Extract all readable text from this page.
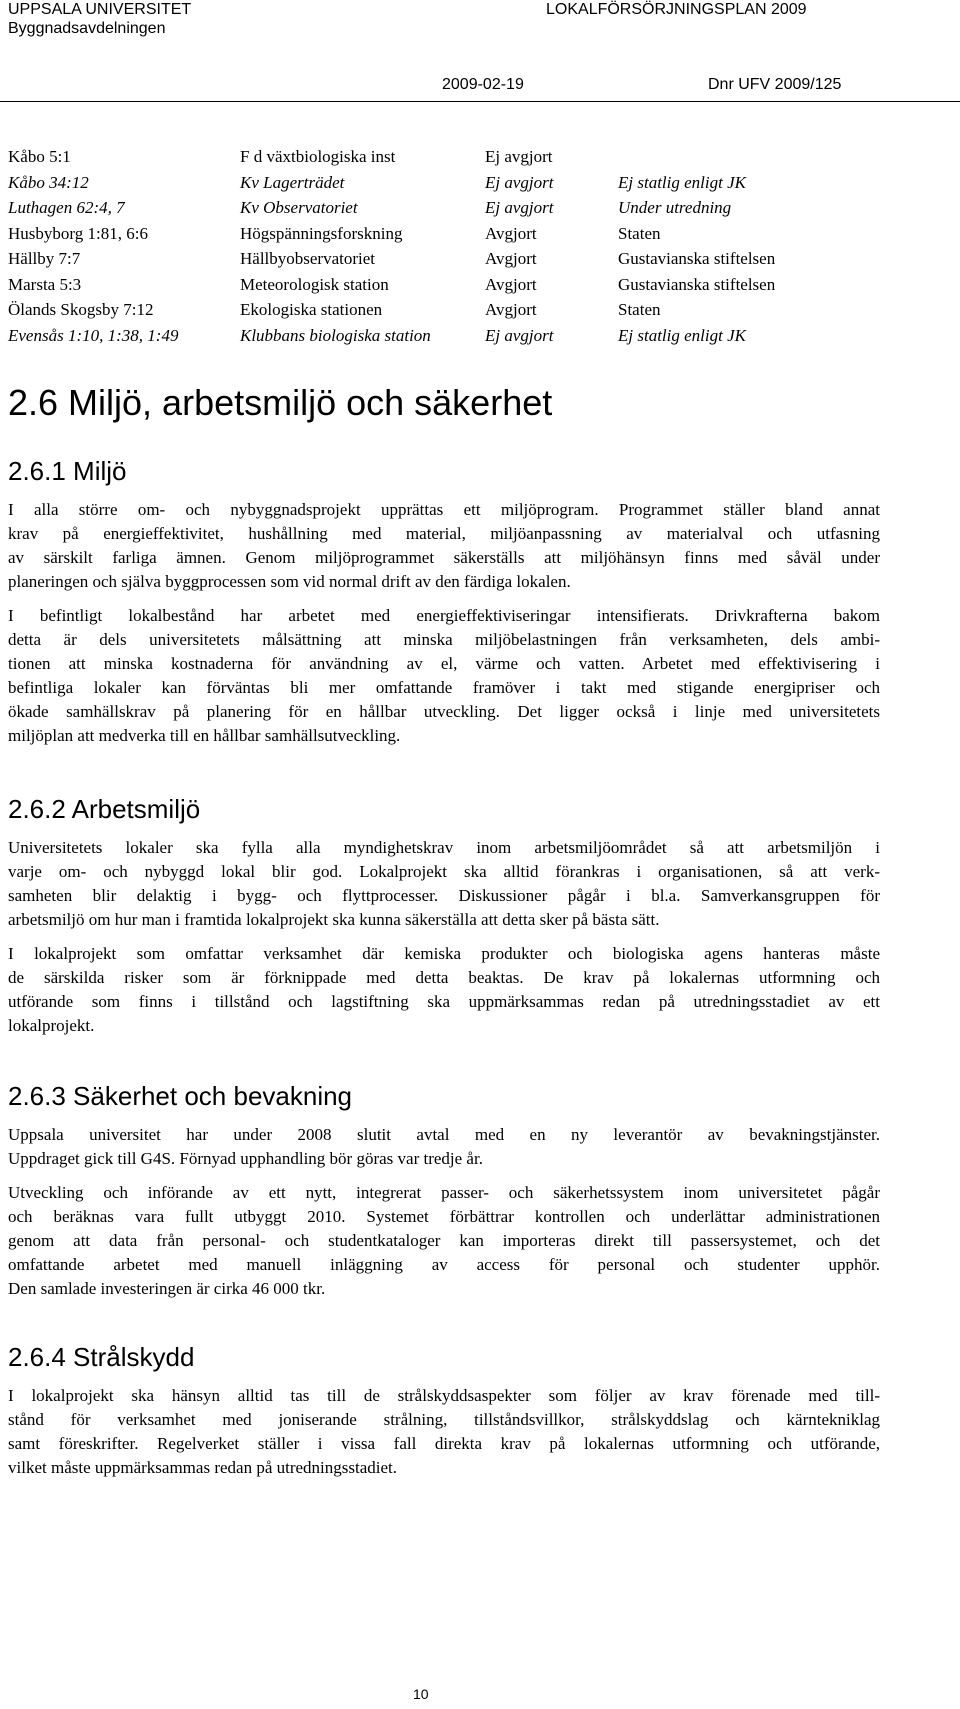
UPPSALA UNIVERSITET
Byggnadsavdelningen
LOKALFÖRSÖRJNINGSPLAN 2009
2009-02-19	Dnr UFV 2009/125
Kåbo 5:1	F d växtbiologiska inst	Ej avgjort
Kåbo 34:12	Kv Lagerträdet	Ej avgjort	Ej statlig enligt JK
Luthagen 62:4, 7	Kv Observatoriet	Ej avgjort	Under utredning
Husbyborg 1:81, 6:6	Högspänningsforskning	Avgjort	Staten
Hällby 7:7	Hällbyobservatoriet	Avgjort	Gustavianska stiftelsen
Marsta 5:3	Meteorologisk station	Avgjort	Gustavianska stiftelsen
Ölands Skogsby 7:12	Ekologiska stationen	Avgjort	Staten
Evensås 1:10, 1:38, 1:49	Klubbans biologiska station	Ej avgjort	Ej statlig enligt JK
2.6 Miljö, arbetsmiljö och säkerhet
2.6.1 Miljö
I alla större om- och nybyggnadsprojekt upprättas ett miljöprogram. Programmet ställer bland annat
krav på energieffektivitet, hushållning med material, miljöanpassning av materialval och utfasning
av särskilt farliga ämnen. Genom miljöprogrammet säkerställs att miljöhänsyn finns med såväl under
planeringen och själva byggprocessen som vid normal drift av den färdiga lokalen.
I befintligt lokalbestånd har arbetet med energieffektiviseringar intensifierats. Drivkrafterna bakom
detta är dels universitetets målsättning att minska miljöbelastningen från verksamheten, dels ambi-
tionen att minska kostnaderna för användning av el, värme och vatten. Arbetet med effektivisering i
befintliga lokaler kan förväntas bli mer omfattande framöver i takt med stigande energipriser och
ökade samhällskrav på planering för en hållbar utveckling. Det ligger också i linje med universitetets
miljöplan att medverka till en hållbar samhällsutveckling.
2.6.2 Arbetsmiljö
Universitetets lokaler ska fylla alla myndighetskrav inom arbetsmiljöområdet så att arbetsmiljön i
varje om- och nybyggd lokal blir god. Lokalprojekt ska alltid förankras i organisationen, så att verk-
samheten blir delaktig i bygg- och flyttprocesser. Diskussioner pågår i bl.a. Samverkansgruppen för
arbetsmiljö om hur man i framtida lokalprojekt ska kunna säkerställa att detta sker på bästa sätt.
I lokalprojekt som omfattar verksamhet där kemiska produkter och biologiska agens hanteras måste
de särskilda risker som är förknippade med detta beaktas. De krav på lokalernas utformning och
utförande som finns i tillstånd och lagstiftning ska uppmärksammas redan på utredningsstadiet av ett
lokalprojekt.
2.6.3 Säkerhet och bevakning
Uppsala universitet har under 2008 slutit avtal med en ny leverantör av bevakningstjänster.
Uppdraget gick till G4S. Förnyad upphandling bör göras var tredje år.
Utveckling och införande av ett nytt, integrerat passer- och säkerhetssystem inom universitetet pågår
och beräknas vara fullt utbyggt 2010. Systemet förbättrar kontrollen och underlättar administrationen
genom att data från personal- och studentkataloger kan importeras direkt till passersystemet, och det
omfattande arbetet med manuell inläggning av access för personal och studenter upphör.
Den samlade investeringen är cirka 46 000 tkr.
2.6.4 Strålskydd
I lokalprojekt ska hänsyn alltid tas till de strålskyddsaspekter som följer av krav förenade med till-
stånd för verksamhet med joniserande strålning, tillståndsvillkor, strålskyddslag och kärntekniklag
samt föreskrifter. Regelverket ställer i vissa fall direkta krav på lokalernas utformning och utförande,
vilket måste uppmärksammas redan på utredningsstadiet.
10
